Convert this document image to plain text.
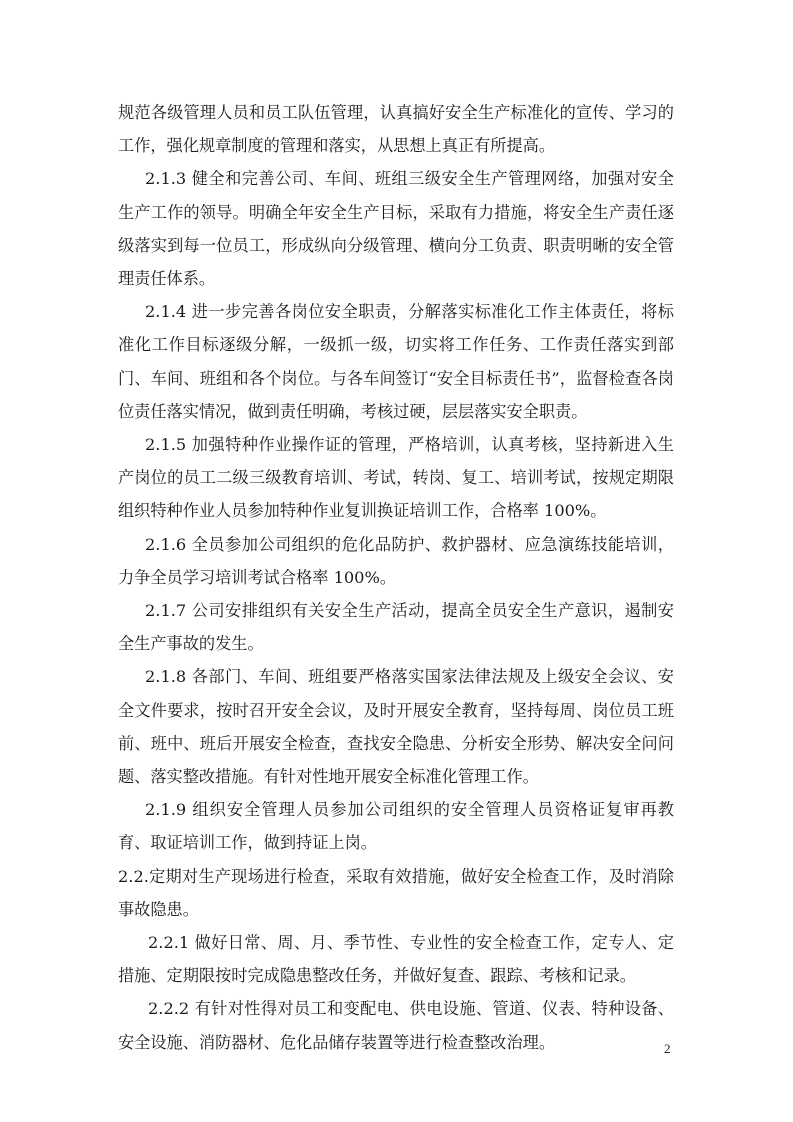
规范各级管理人员和员工队伍管理，认真搞好安全生产标准化的宣传、学习的工作，强化规章制度的管理和落实，从思想上真正有所提高。

2.1.3 健全和完善公司、车间、班组三级安全生产管理网络，加强对安全生产工作的领导。明确全年安全生产目标，采取有力措施，将安全生产责任逐级落实到每一位员工，形成纵向分级管理、横向分工负责、职责明晰的安全管理责任体系。

2.1.4 进一步完善各岗位安全职责，分解落实标准化工作主体责任，将标准化工作目标逐级分解，一级抓一级，切实将工作任务、工作责任落实到部门、车间、班组和各个岗位。与各车间签订“安全目标责任书”，监督检查各岗位责任落实情况，做到责任明确，考核过硬，层层落实安全职责。

2.1.5 加强特种作业操作证的管理，严格培训，认真考核，坚持新进入生产岗位的员工二级三级教育培训、考试，转岗、复工、培训考试，按规定期限组织特种作业人员参加特种作业复训换证培训工作，合格率 100%。

2.1.6 全员参加公司组织的危化品防护、救护器材、应急演练技能培训，力争全员学习培训考试合格率 100%。

2.1.7 公司安排组织有关安全生产活动，提高全员安全生产意识，遏制安全生产事故的发生。

2.1.8 各部门、车间、班组要严格落实国家法律法规及上级安全会议、安全文件要求，按时召开安全会议，及时开展安全教育，坚持每周、岗位员工班前、班中、班后开展安全检查，查找安全隐患、分析安全形势、解决安全问问题、落实整改措施。有针对性地开展安全标准化管理工作。

2.1.9 组织安全管理人员参加公司组织的安全管理人员资格证复审再教育、取证培训工作，做到持证上岗。

2.2.定期对生产现场进行检查，采取有效措施，做好安全检查工作，及时消除事故隐患。

2.2.1 做好日常、周、月、季节性、专业性的安全检查工作，定专人、定措施、定期限按时完成隐患整改任务，并做好复查、跟踪、考核和记录。

2.2.2 有针对性得对员工和变配电、供电设施、管道、仪表、特种设备、安全设施、消防器材、危化品储存装置等进行检查整改治理。	2
